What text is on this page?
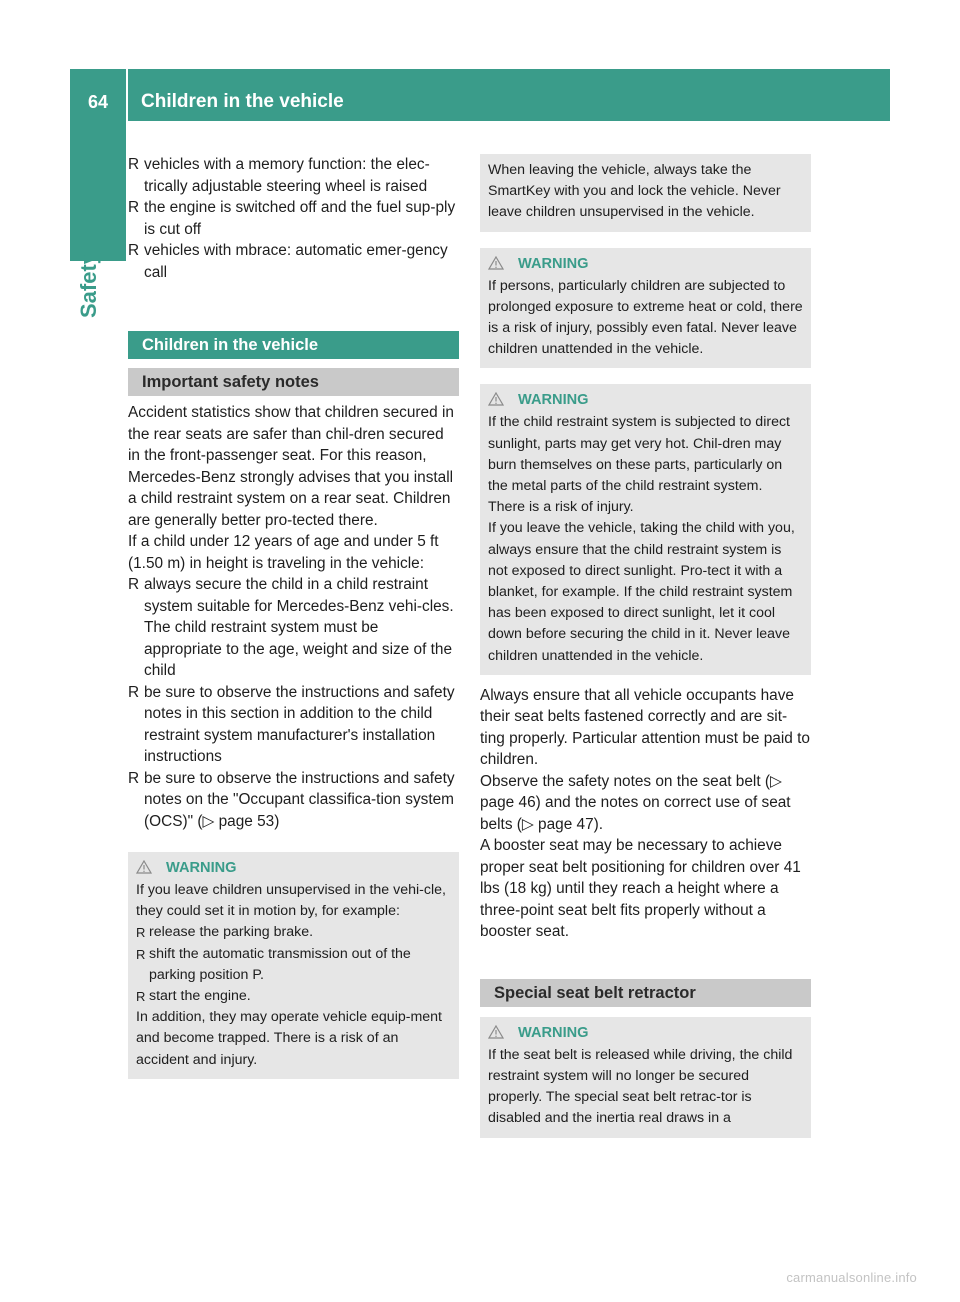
64	Children in the vehicle
Safety
R vehicles with a memory function: the elec-trically adjustable steering wheel is raised
R the engine is switched off and the fuel sup-ply is cut off
R vehicles with mbrace: automatic emer-gency call
Children in the vehicle
Important safety notes

Accident statistics show that children secured in the rear seats are safer than chil-dren secured in the front-passenger seat. For this reason, Mercedes-Benz strongly advises that you install a child restraint system on a rear seat. Children are generally better pro-tected there.

If a child under 12 years of age and under 5 ft (1.50 m) in height is traveling in the vehicle:

R always secure the child in a child restraint system suitable for Mercedes-Benz vehi-cles. The child restraint system must be appropriate to the age, weight and size of the child
R be sure to observe the instructions and safety notes in this section in addition to the child restraint system manufacturer's installation instructions
R be sure to observe the instructions and safety notes on the "Occupant classifica-tion system (OCS)" (▷ page 53)
WARNING

If you leave children unsupervised in the vehi-cle, they could set it in motion by, for example:

R release the parking brake.
R shift the automatic transmission out of the parking position P.
R start the engine.

In addition, they may operate vehicle equip-ment and become trapped. There is a risk of an accident and injury.

When leaving the vehicle, always take the SmartKey with you and lock the vehicle. Never leave children unsupervised in the vehicle.

WARNING

If persons, particularly children are subjected to prolonged exposure to extreme heat or cold, there is a risk of injury, possibly even fatal. Never leave children unattended in the vehicle.

WARNING

If the child restraint system is subjected to direct sunlight, parts may get very hot. Chil-dren may burn themselves on these parts, particularly on the metal parts of the child restraint system. There is a risk of injury.

If you leave the vehicle, taking the child with you, always ensure that the child restraint system is not exposed to direct sunlight. Pro-tect it with a blanket, for example. If the child restraint system has been exposed to direct sunlight, let it cool down before securing the child in it. Never leave children unattended in the vehicle.

Always ensure that all vehicle occupants have their seat belts fastened correctly and are sit-ting properly. Particular attention must be paid to children.

Observe the safety notes on the seat belt (▷ page 46) and the notes on correct use of seat belts (▷ page 47).

A booster seat may be necessary to achieve proper seat belt positioning for children over 41 lbs (18 kg) until they reach a height where a three-point seat belt fits properly without a booster seat.

Special seat belt retractor
WARNING

If the seat belt is released while driving, the child restraint system will no longer be secured properly. The special seat belt retrac-tor is disabled and the inertia real draws in a

carmanualsonline.info
